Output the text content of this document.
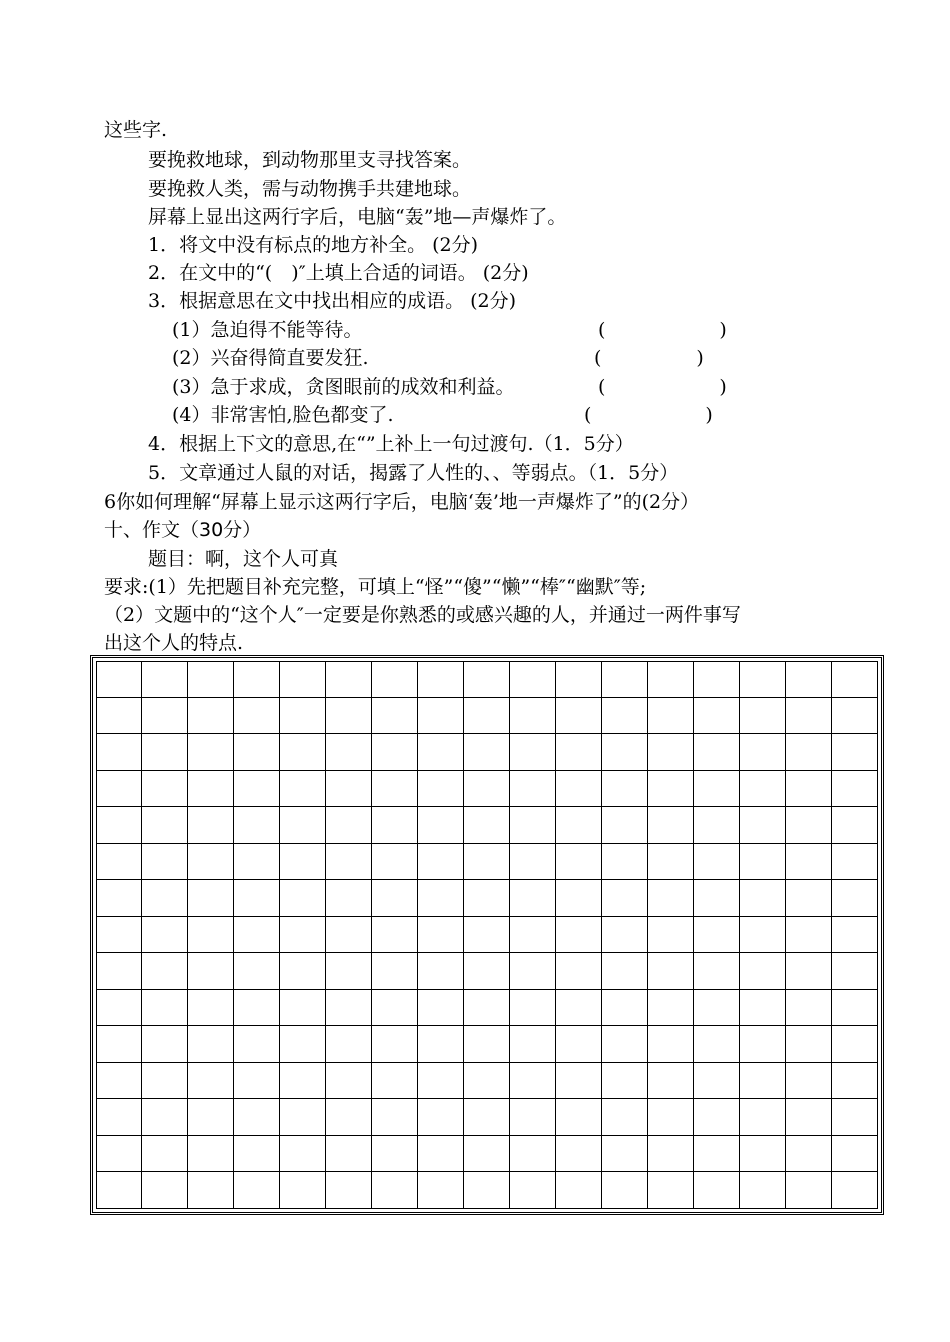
这些字.
要挽救地球，到动物那里支寻找答案。
要挽救人类，需与动物携手共建地球。
屏幕上显出这两行字后，电脑“轰”地—声爆炸了。
1．将文中没有标点的地方补全。 (2分)
2．在文中的“(　)″上填上合适的词语。 (2分)
3．根据意思在文中找出相应的成语。 (2分)
(1）急迫得不能等待。	(　　　　　　)
(2）兴奋得简直要发狂.	(　　　　　)
(3）急于求成，贪图眼前的成效和利益。	(　　　　　　)
(4）非常害怕,脸色都变了.	(　　　　　　)
4．根据上下文的意思,在“”上补上一句过渡句.（1．5分）
5．文章通过人鼠的对话，揭露了人性的、、等弱点。（1．5分）
6你如何理解“屏幕上显示这两行字后，电脑‘轰’地一声爆炸了”的(2分）
十、作文（30分）
题目：啊，这个人可真
要求:(1）先把题目补充完整，可填上“怪”“傻”“懒”“棒″“幽默″等;
（2）文题中的“这个人″一定要是你熟悉的或感兴趣的人，并通过一两件事写
出这个人的特点.
